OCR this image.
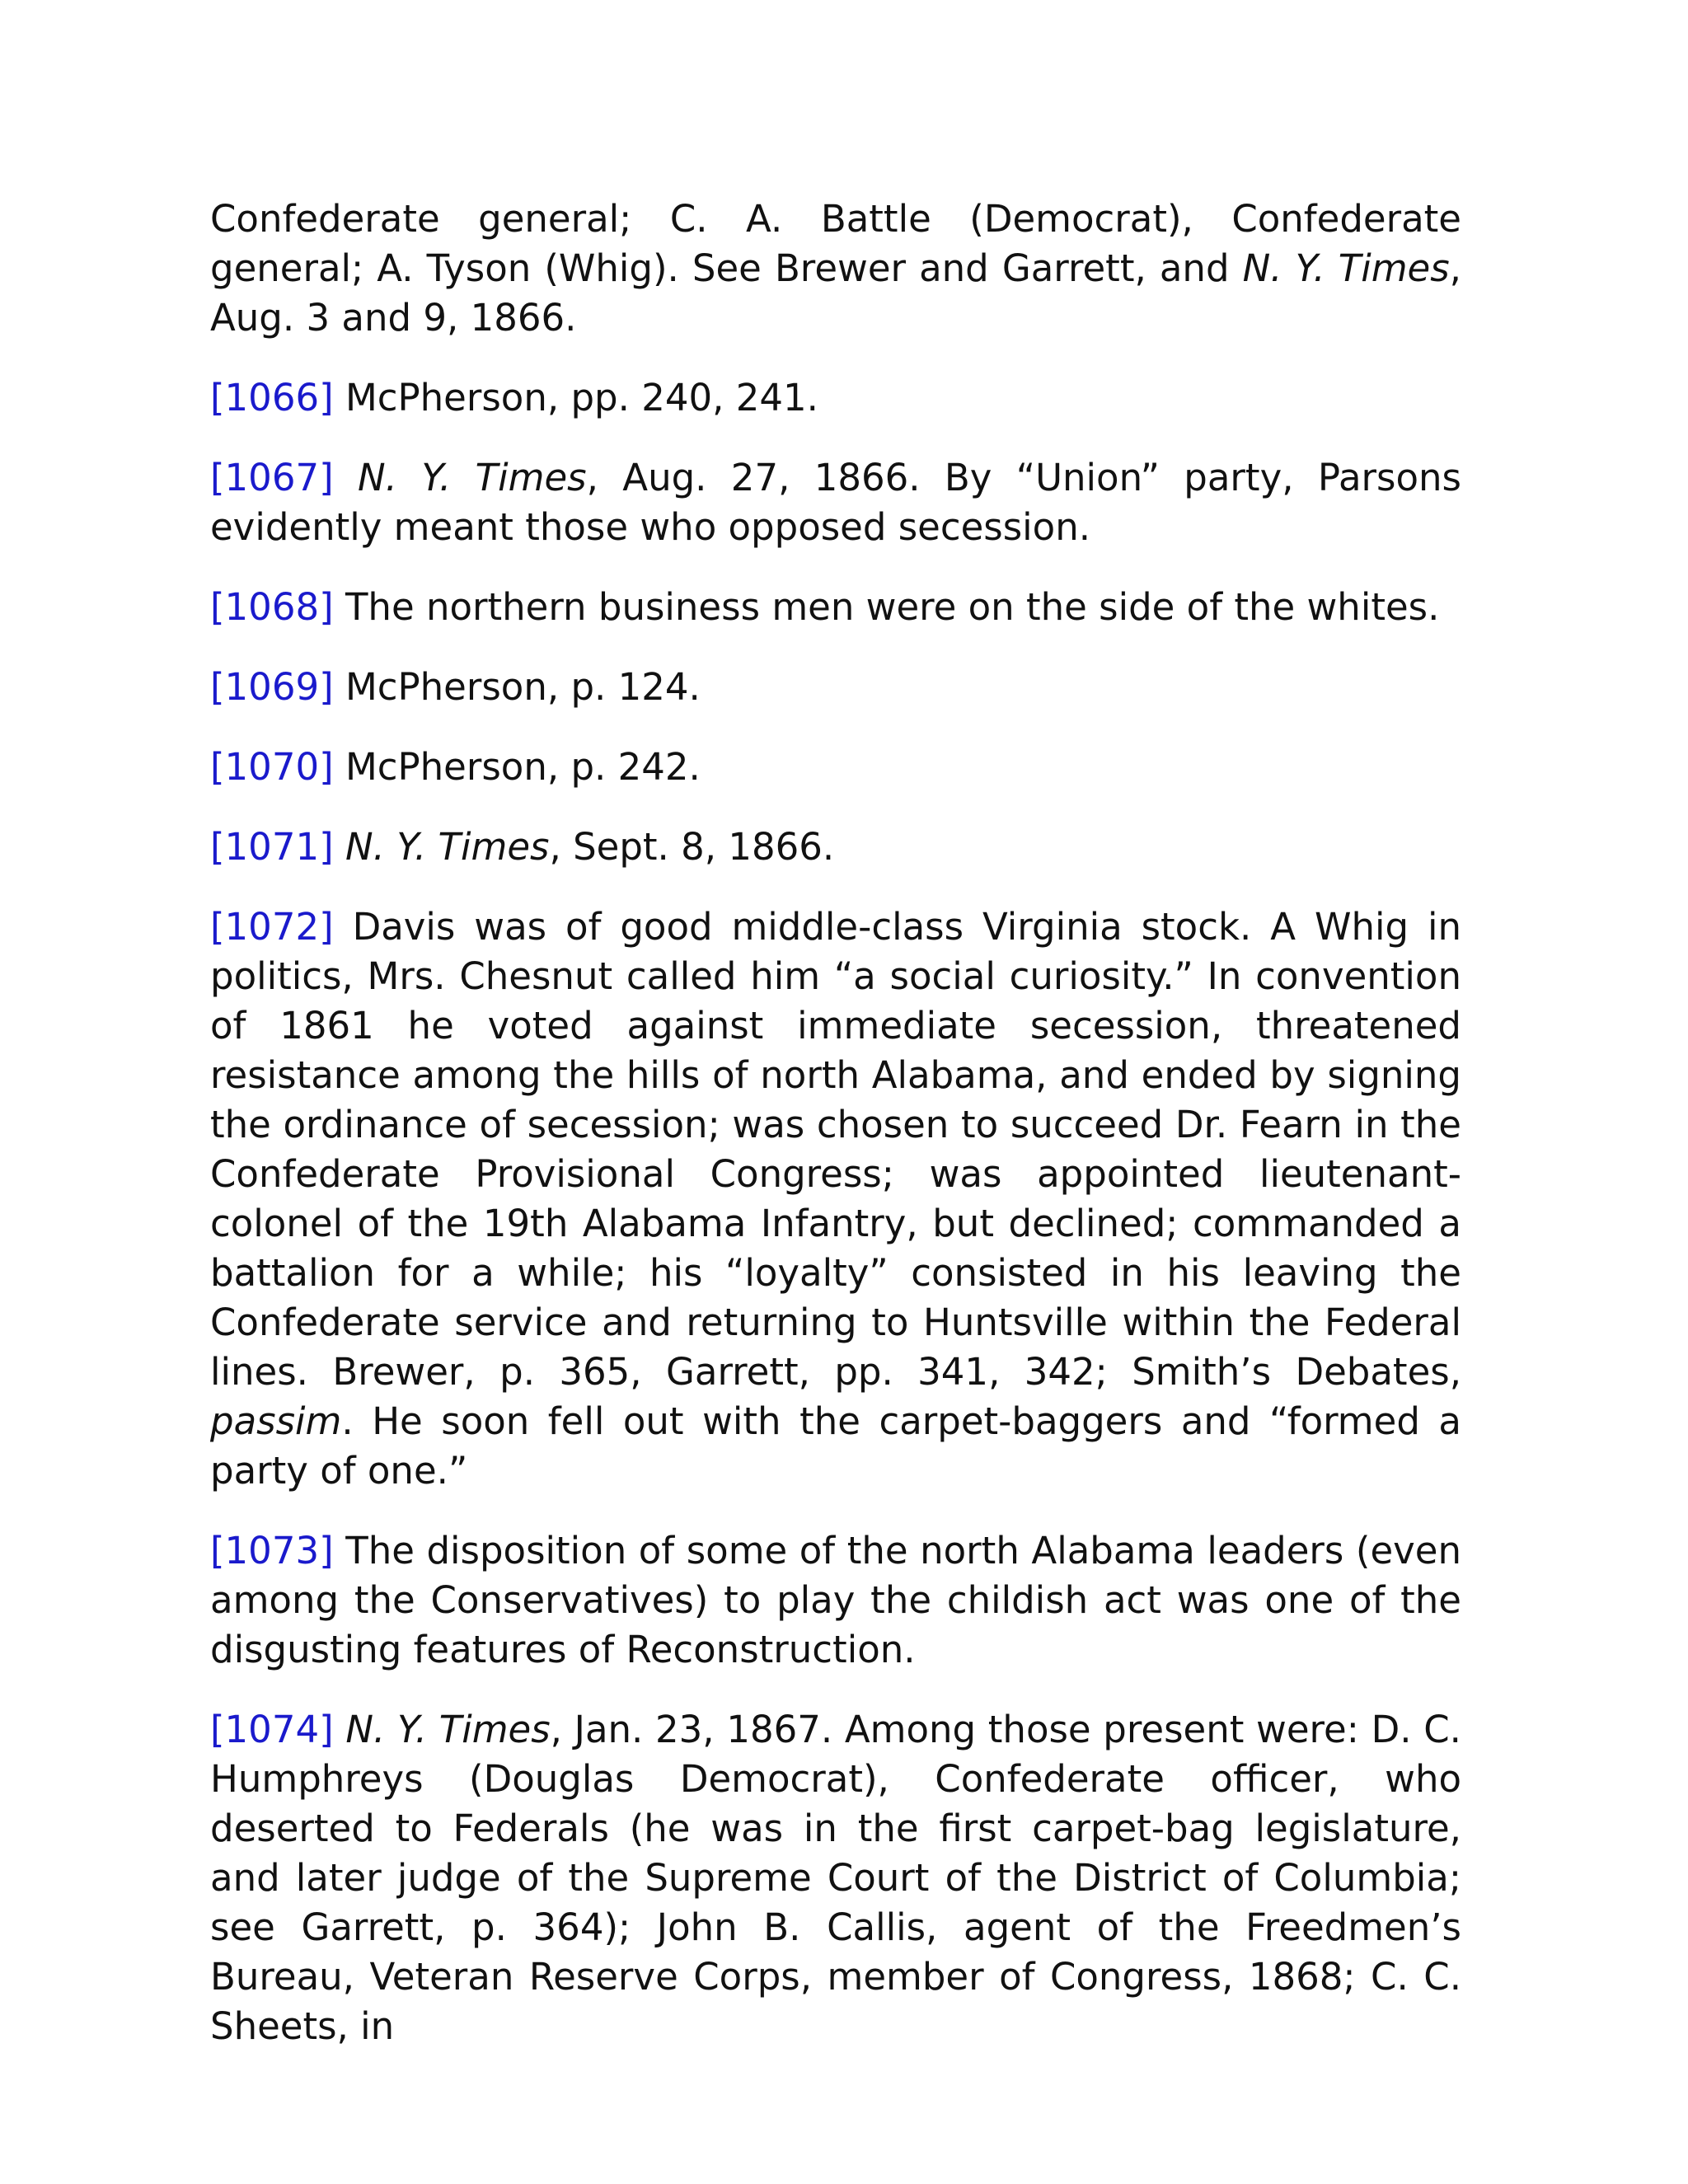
Confederate general; C. A. Battle (Democrat), Confederate general; A. Tyson (Whig). See Brewer and Garrett, and N. Y. Times, Aug. 3 and 9, 1866.

[1066] McPherson, pp. 240, 241.

[1067] N. Y. Times, Aug. 27, 1866. By “Union” party, Parsons evidently meant those who opposed secession.

[1068] The northern business men were on the side of the whites.

[1069] McPherson, p. 124.

[1070] McPherson, p. 242.

[1071] N. Y. Times, Sept. 8, 1866.

[1072] Davis was of good middle-class Virginia stock. A Whig in politics, Mrs. Chesnut called him “a social curiosity.” In convention of 1861 he voted against immediate secession, threatened resistance among the hills of north Alabama, and ended by signing the ordinance of secession; was chosen to succeed Dr. Fearn in the Confederate Provisional Congress; was appointed lieutenant-colonel of the 19th Alabama Infantry, but declined; commanded a battalion for a while; his “loyalty” consisted in his leaving the Confederate service and returning to Huntsville within the Federal lines. Brewer, p. 365, Garrett, pp. 341, 342; Smith’s Debates, passim. He soon fell out with the carpet-baggers and “formed a party of one.”

[1073] The disposition of some of the north Alabama leaders (even among the Conservatives) to play the childish act was one of the disgusting features of Reconstruction.

[1074] N. Y. Times, Jan. 23, 1867. Among those present were: D. C. Humphreys (Douglas Democrat), Confederate officer, who deserted to Federals (he was in the first carpet-bag legislature, and later judge of the Supreme Court of the District of Columbia; see Garrett, p. 364); John B. Callis, agent of the Freedmen’s Bureau, Veteran Reserve Corps, member of Congress, 1868; C. C. Sheets, in
